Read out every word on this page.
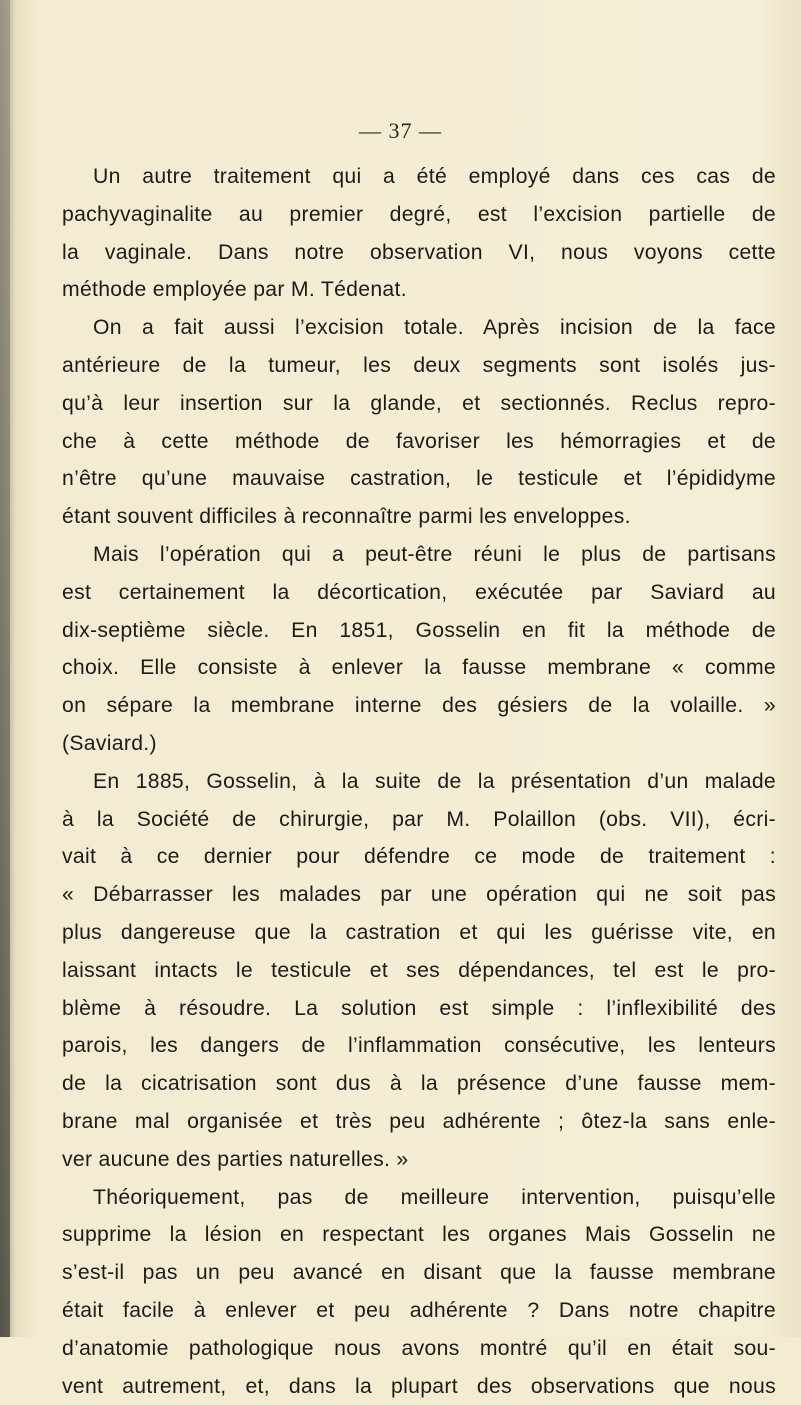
— 37 —
Un autre traitement qui a été employé dans ces cas de
pachyvaginalite au premier degré, est l’excision partielle de
la vaginale. Dans notre observation VI, nous voyons cette
méthode employée par M. Tédenat.
On a fait aussi l’excision totale. Après incision de la face
antérieure de la tumeur, les deux segments sont isolés jus-
qu’à leur insertion sur la glande, et sectionnés. Reclus repro-
che à cette méthode de favoriser les hémorragies et de
n’être qu’une mauvaise castration, le testicule et l’épididyme
étant souvent difficiles à reconnaître parmi les enveloppes.
Mais l’opération qui a peut-être réuni le plus de partisans
est certainement la décortication, exécutée par Saviard au
dix-septième siècle. En 1851, Gosselin en fit la méthode de
choix. Elle consiste à enlever la fausse membrane « comme
on sépare la membrane interne des gésiers de la volaille. »
(Saviard.)
En 1885, Gosselin, à la suite de la présentation d’un malade
à la Société de chirurgie, par M. Polaillon (obs. VII), écri-
vait à ce dernier pour défendre ce mode de traitement :
« Débarrasser les malades par une opération qui ne soit pas
plus dangereuse que la castration et qui les guérisse vite, en
laissant intacts le testicule et ses dépendances, tel est le pro-
blème à résoudre. La solution est simple : l’inflexibilité des
parois, les dangers de l’inflammation consécutive, les lenteurs
de la cicatrisation sont dus à la présence d’une fausse mem-
brane mal organisée et très peu adhérente ; ôtez-la sans enle-
ver aucune des parties naturelles. »
Théoriquement, pas de meilleure intervention, puisqu’elle
supprime la lésion en respectant les organes Mais Gosselin ne
s’est-il pas un peu avancé en disant que la fausse membrane
était facile à enlever et peu adhérente ? Dans notre chapitre
d’anatomie pathologique nous avons montré qu’il en était sou-
vent autrement, et, dans la plupart des observations que nous
